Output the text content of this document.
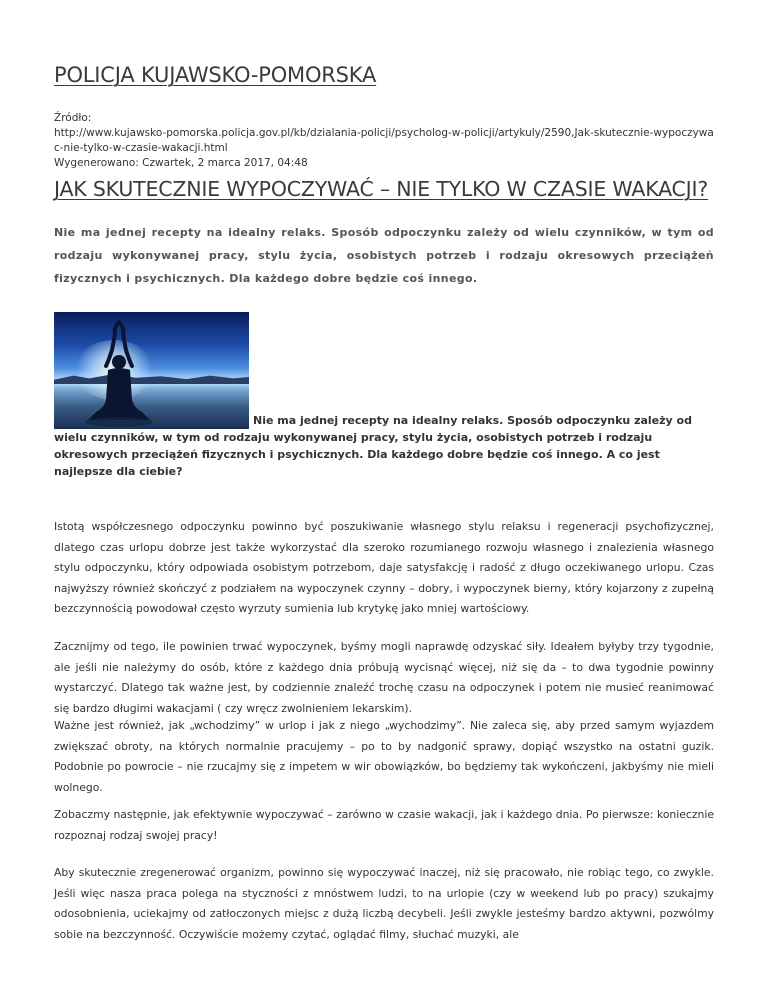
POLICJA KUJAWSKO-POMORSKA
Źródło:
http://www.kujawsko-pomorska.policja.gov.pl/kb/dzialania-policji/psycholog-w-policji/artykuly/2590,Jak-skutecznie-wypoczywac-nie-tylko-w-czasie-wakacji.html
Wygenerowano: Czwartek, 2 marca 2017, 04:48
JAK SKUTECZNIE WYPOCZYWAĆ – NIE TYLKO W CZASIE WAKACJI?

Nie ma jednej recepty na idealny relaks. Sposób odpoczynku zależy od wielu czynników, w tym od rodzaju wykonywanej pracy, stylu życia, osobistych potrzeb i rodzaju okresowych przeciążeń fizycznych i psychicznych. Dla każdego dobre będzie coś innego.

Nie ma jednej recepty na idealny relaks. Sposób odpoczynku zależy od wielu czynników, w tym od rodzaju wykonywanej pracy, stylu życia, osobistych potrzeb i rodzaju okresowych przeciążeń fizycznych i psychicznych. Dla każdego dobre będzie coś innego. A co jest najlepsze dla ciebie?

Istotą współczesnego odpoczynku powinno być poszukiwanie własnego stylu relaksu i regeneracji psychofizycznej, dlatego czas urlopu dobrze jest także wykorzystać dla szeroko rozumianego rozwoju własnego i znalezienia własnego stylu odpoczynku, który odpowiada osobistym potrzebom, daje satysfakcję i radość z długo oczekiwanego urlopu. Czas najwyższy również skończyć z podziałem na wypoczynek czynny – dobry, i wypoczynek bierny, który kojarzony z zupełną bezczynnością powodował często wyrzuty sumienia lub krytykę jako mniej wartościowy.

Zacznijmy od tego, ile powinien trwać wypoczynek, byśmy mogli naprawdę odzyskać siły. Ideałem byłyby trzy tygodnie, ale jeśli nie należymy do osób, które z każdego dnia próbują wycisnąć więcej, niż się da – to dwa tygodnie powinny wystarczyć. Dlatego tak ważne jest, by codziennie znaleźć trochę czasu na odpoczynek i potem nie musieć reanimować się bardzo długimi wakacjami ( czy wręcz zwolnieniem lekarskim).

Ważne jest również, jak „wchodzimy” w urlop i jak z niego „wychodzimy”. Nie zaleca się, aby przed samym wyjazdem zwiększać obroty, na których normalnie pracujemy – po to by nadgonić sprawy, dopiąć wszystko na ostatni guzik. Podobnie po powrocie – nie rzucajmy się z impetem w wir obowiązków, bo będziemy tak wykończeni, jakbyśmy nie mieli wolnego.

Zobaczmy następnie, jak efektywnie wypoczywać – zarówno w czasie wakacji, jak i każdego dnia. Po pierwsze: koniecznie rozpoznaj rodzaj swojej pracy!

Aby skutecznie zregenerować organizm, powinno się wypoczywać inaczej, niż się pracowało, nie robiąc tego, co zwykle. Jeśli więc nasza praca polega na styczności z mnóstwem ludzi, to na urlopie (czy w weekend lub po pracy) szukajmy odosobnienia, uciekajmy od zatłoczonych miejsc z dużą liczbą decybeli. Jeśli zwykle jesteśmy bardzo aktywni, pozwólmy sobie na bezczynność. Oczywiście możemy czytać, oglądać filmy, słuchać muzyki, ale
